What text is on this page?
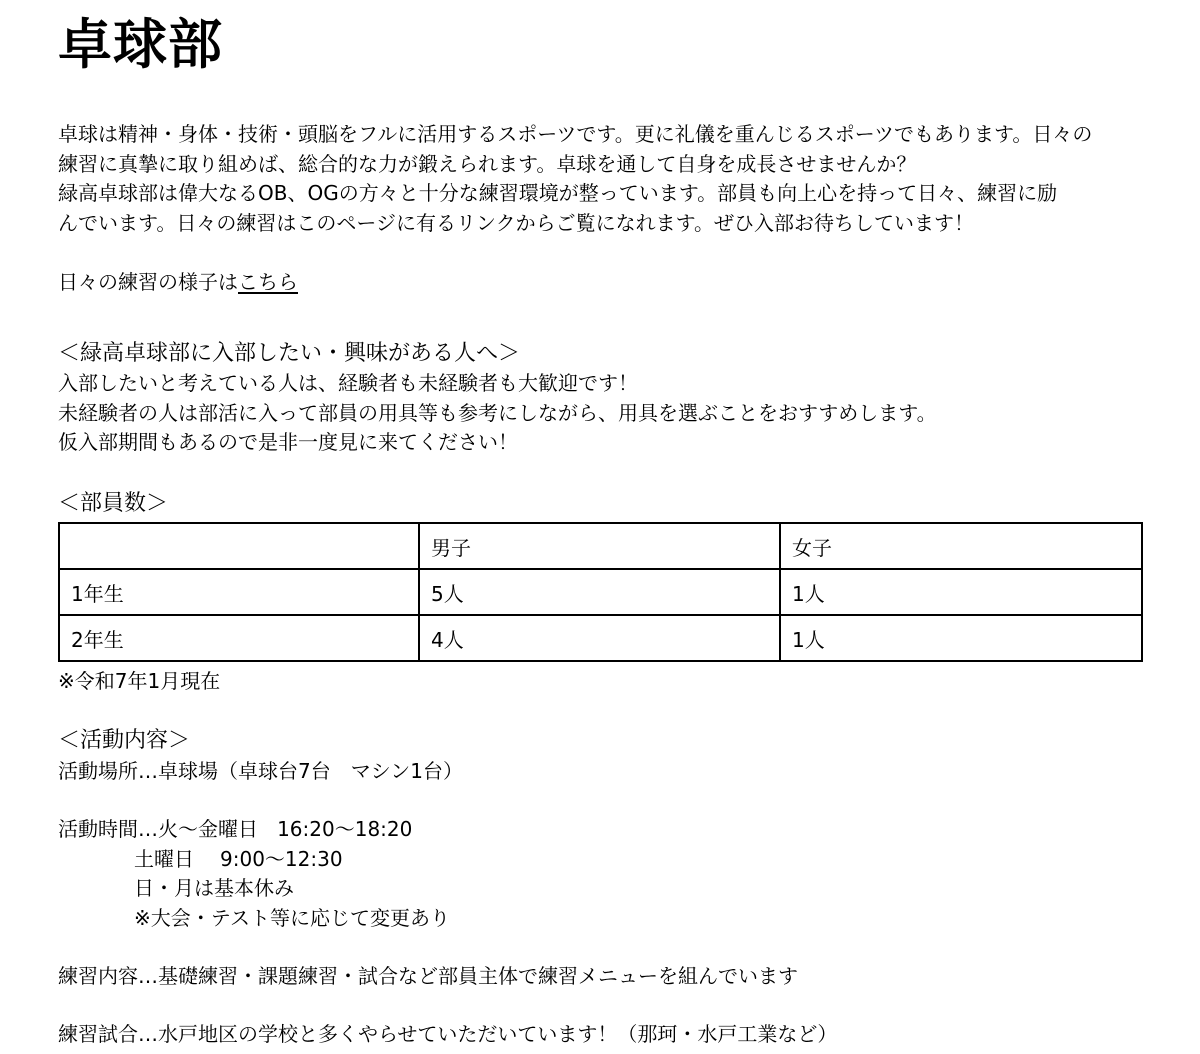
卓球部
卓球は精神・身体・技術・頭脳をフルに活用するスポーツです。更に礼儀を重んじるスポーツでもあります。日々の
練習に真摯に取り組めば、総合的な力が鍛えられます。卓球を通して自身を成長させませんか？
緑高卓球部は偉大なるOB、OGの方々と十分な練習環境が整っています。部員も向上心を持って日々、練習に励
んでいます。日々の練習はこのページに有るリンクからご覧になれます。ぜひ入部お待ちしています！
日々の練習の様子はこちら
＜緑高卓球部に入部したい・興味がある人へ＞
入部したいと考えている人は、経験者も未経験者も大歓迎です！
未経験者の人は部活に入って部員の用具等も参考にしながら、用具を選ぶことをおすすめします。
仮入部期間もあるので是非一度見に来てください！
＜部員数＞
	男子	女子
1年生	5人	1人
2年生	4人	1人
※令和7年1月現在
＜活動内容＞
活動場所…卓球場（卓球台7台　マシン1台）
活動時間…火～金曜日 16:20～18:20
土曜日 9:00～12:30
日・月は基本休み
※大会・テスト等に応じて変更あり
練習内容…基礎練習・課題練習・試合など部員主体で練習メニューを組んでいます
練習試合…水戸地区の学校と多くやらせていただいています！（那珂・水戸工業など）
